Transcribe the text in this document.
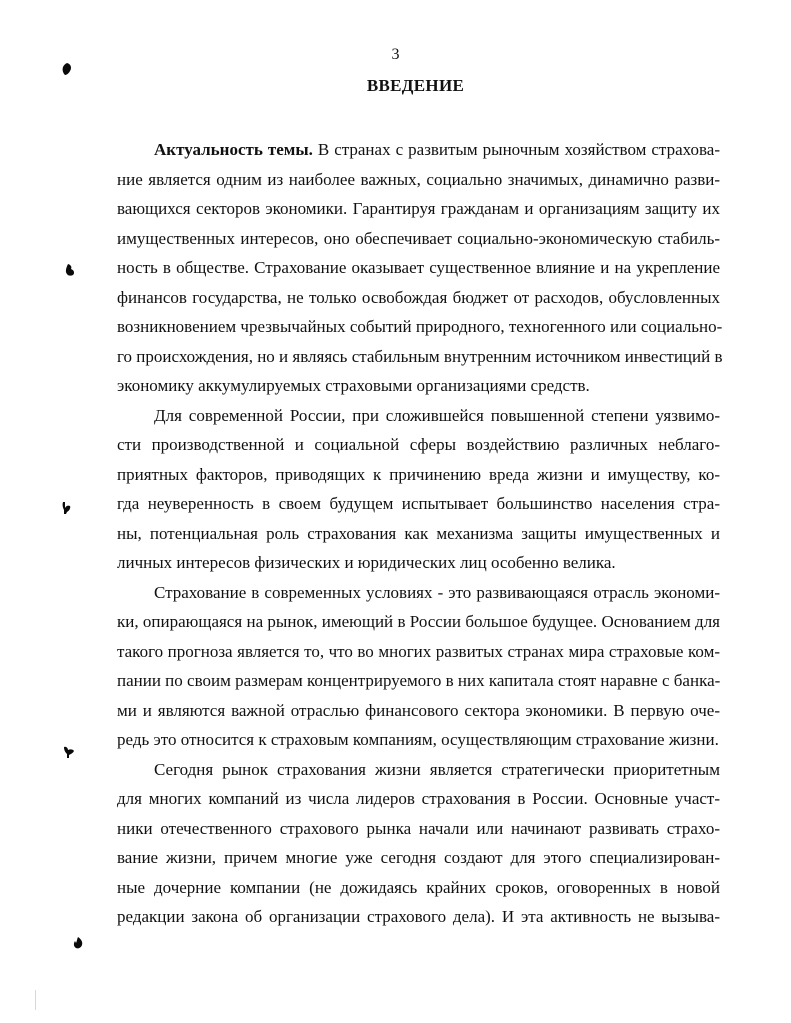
3
ВВЕДЕНИЕ
Актуальность темы. В странах с развитым рыночным хозяйством страхова-
ние является одним из наиболее важных, социально значимых, динамично разви-
вающихся секторов экономики. Гарантируя гражданам и организациям защиту их
имущественных интересов, оно обеспечивает социально-экономическую стабиль-
ность в обществе. Страхование оказывает существенное влияние и на укрепление
финансов государства, не только освобождая бюджет от расходов, обусловленных
возникновением чрезвычайных событий природного, техногенного или социально-
го происхождения, но и являясь стабильным внутренним источником инвестиций в
экономику аккумулируемых страховыми организациями средств.
Для современной России, при сложившейся повышенной степени уязвимо-
сти производственной и социальной сферы воздействию различных неблаго-
приятных факторов, приводящих к причинению вреда жизни и имуществу, ко-
гда неуверенность в своем будущем испытывает большинство населения стра-
ны, потенциальная роль страхования как механизма защиты имущественных и
личных интересов физических и юридических лиц особенно велика.
Страхование в современных условиях - это развивающаяся отрасль экономи-
ки, опирающаяся на рынок, имеющий в России большое будущее. Основанием для
такого прогноза является то, что во многих развитых странах мира страховые ком-
пании по своим размерам концентрируемого в них капитала стоят наравне с банка-
ми и являются важной отраслью финансового сектора экономики. В первую оче-
редь это относится к страховым компаниям, осуществляющим страхование жизни.
Сегодня рынок страхования жизни является стратегически приоритетным
для многих компаний из числа лидеров страхования в России. Основные участ-
ники отечественного страхового рынка начали или начинают развивать страхо-
вание жизни, причем многие уже сегодня создают для этого специализирован-
ные дочерние компании (не дожидаясь крайних сроков, оговоренных в новой
редакции закона об организации страхового дела). И эта активность не вызыва-
